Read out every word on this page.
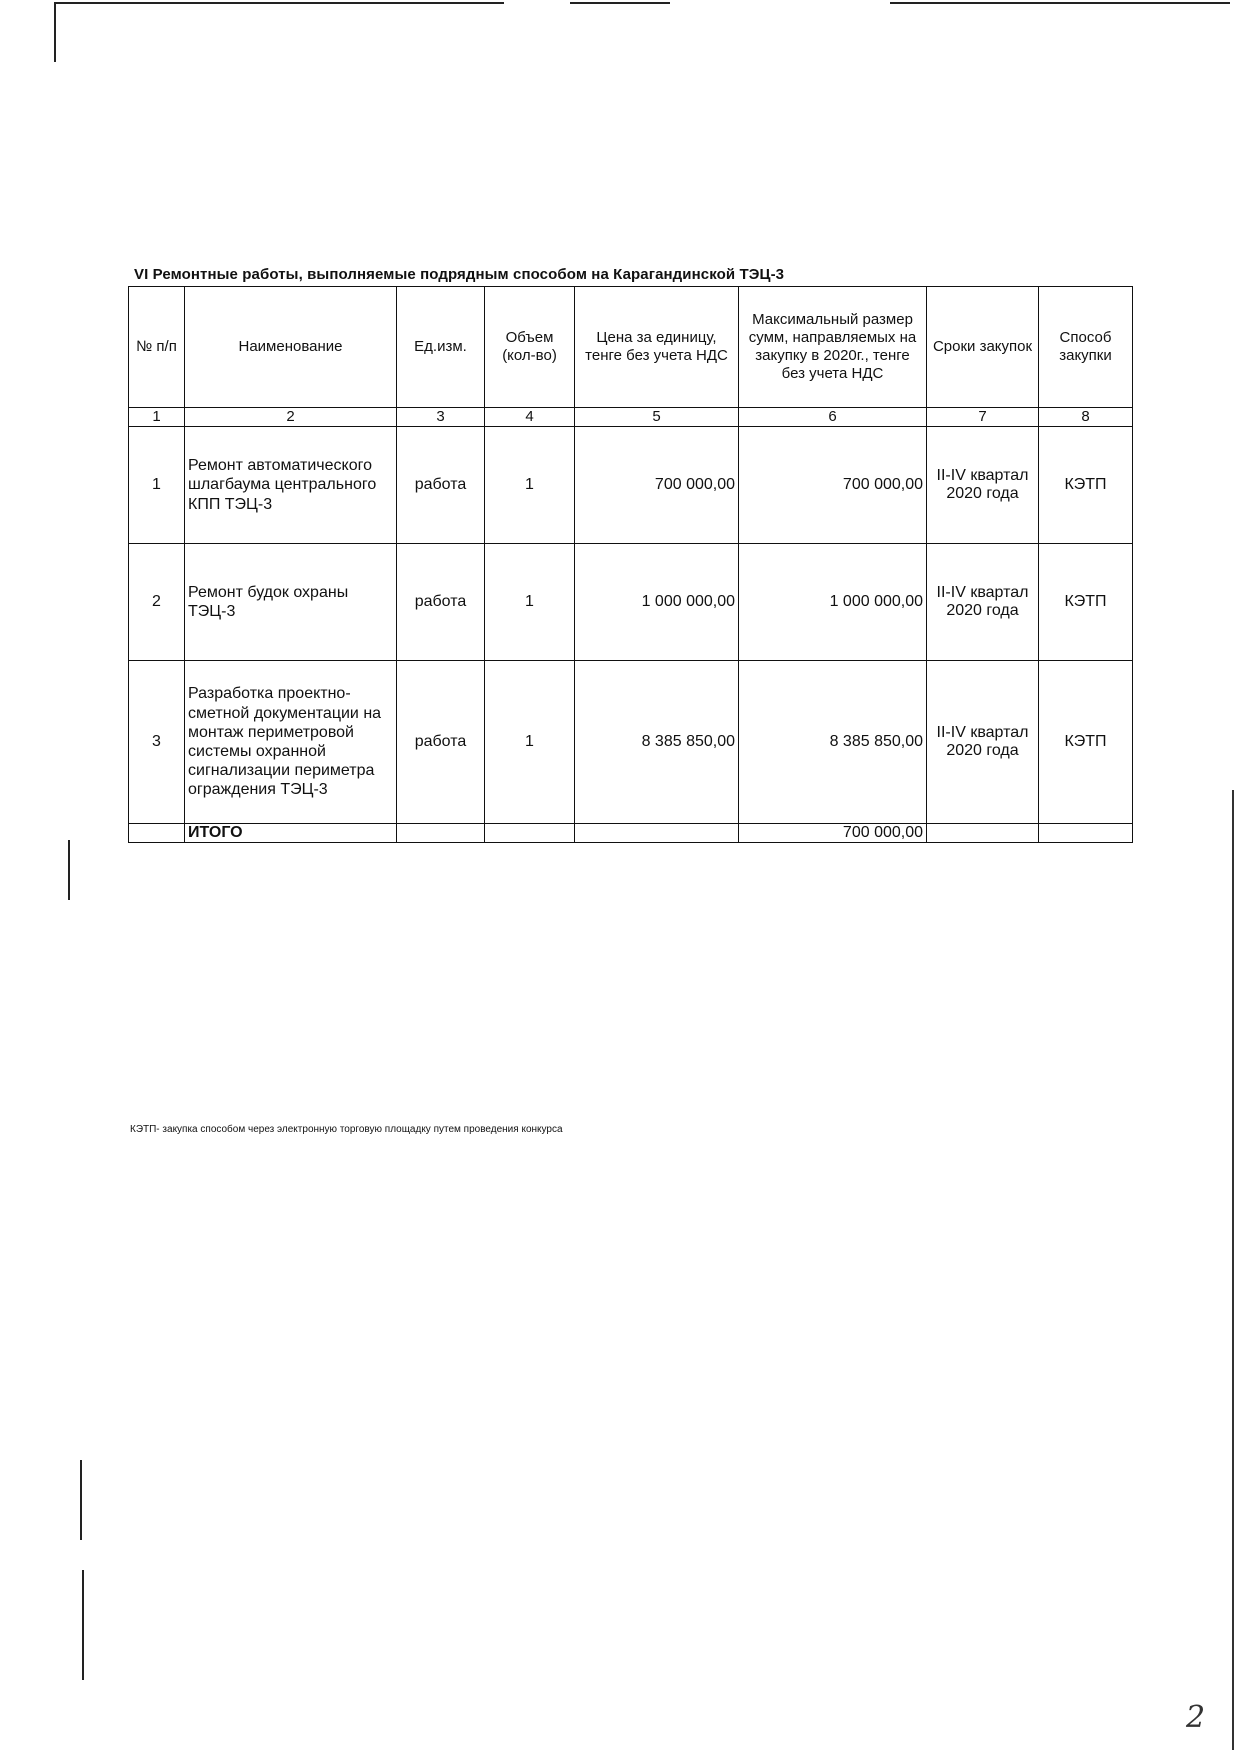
VI Ремонтные работы, выполняемые подрядным способом на Карагандинской ТЭЦ-3
№ п/п	Наименование	Ед.изм.	Объем (кол-во)	Цена за единицу, тенге без учета НДС	Максимальный размер сумм, направляемых на закупку в 2020г., тенге без учета НДС	Сроки закупок	Способ закупки
1	2	3	4	5	6	7	8
1	Ремонт автоматического шлагбаума центрального КПП ТЭЦ-3	работа	1	700 000,00	700 000,00	II-IV квартал 2020 года	КЭТП
2	Ремонт будок охраны ТЭЦ-3	работа	1	1 000 000,00	1 000 000,00	II-IV квартал 2020 года	КЭТП
3	Разработка проектно-сметной документации на монтаж периметровой системы охранной сигнализации периметра ограждения ТЭЦ-3	работа	1	8 385 850,00	8 385 850,00	II-IV квартал 2020 года	КЭТП
	ИТОГО				700 000,00		
КЭТП- закупка способом через электронную торговую площадку путем проведения конкурса
2
